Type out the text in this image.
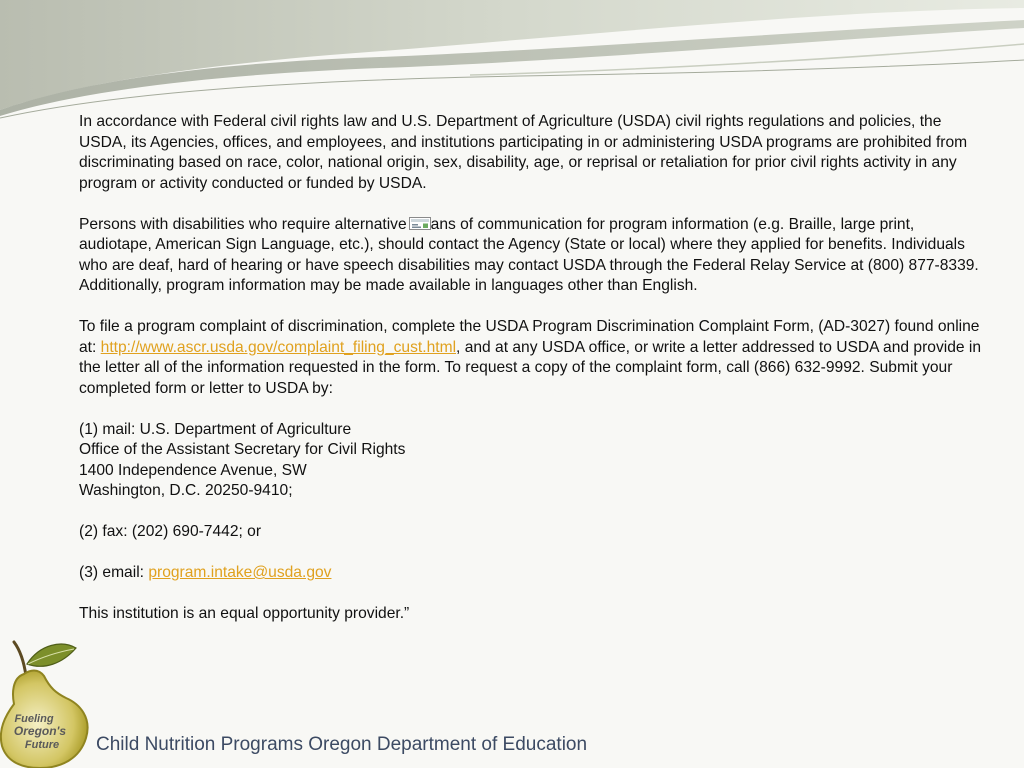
In accordance with Federal civil rights law and U.S. Department of Agriculture (USDA) civil rights regulations and policies, the USDA, its Agencies, offices, and employees, and institutions participating in or administering USDA programs are prohibited from discriminating based on race, color, national origin, sex, disability, age, or reprisal or retaliation for prior civil rights activity in any program or activity conducted or funded by USDA.

Persons with disabilities who require alternative ans of communication for program information (e.g. Braille, large print, audiotape, American Sign Language, etc.), should contact the Agency (State or local) where they applied for benefits. Individuals who are deaf, hard of hearing or have speech disabilities may contact USDA through the Federal Relay Service at (800) 877-8339. Additionally, program information may be made available in languages other than English.

To file a program complaint of discrimination, complete the USDA Program Discrimination Complaint Form, (AD-3027) found online at: http://www.ascr.usda.gov/complaint_filing_cust.html, and at any USDA office, or write a letter addressed to USDA and provide in the letter all of the information requested in the form. To request a copy of the complaint form, call (866) 632-9992. Submit your completed form or letter to USDA by:

(1) mail: U.S. Department of Agriculture
Office of the Assistant Secretary for Civil Rights
1400 Independence Avenue, SW
Washington, D.C. 20250-9410;

(2) fax: (202) 690-7442; or

(3) email: program.intake@usda.gov

This institution is an equal opportunity provider.”

Fueling
Oregon's
Future Child Nutrition Programs Oregon Department of Education
